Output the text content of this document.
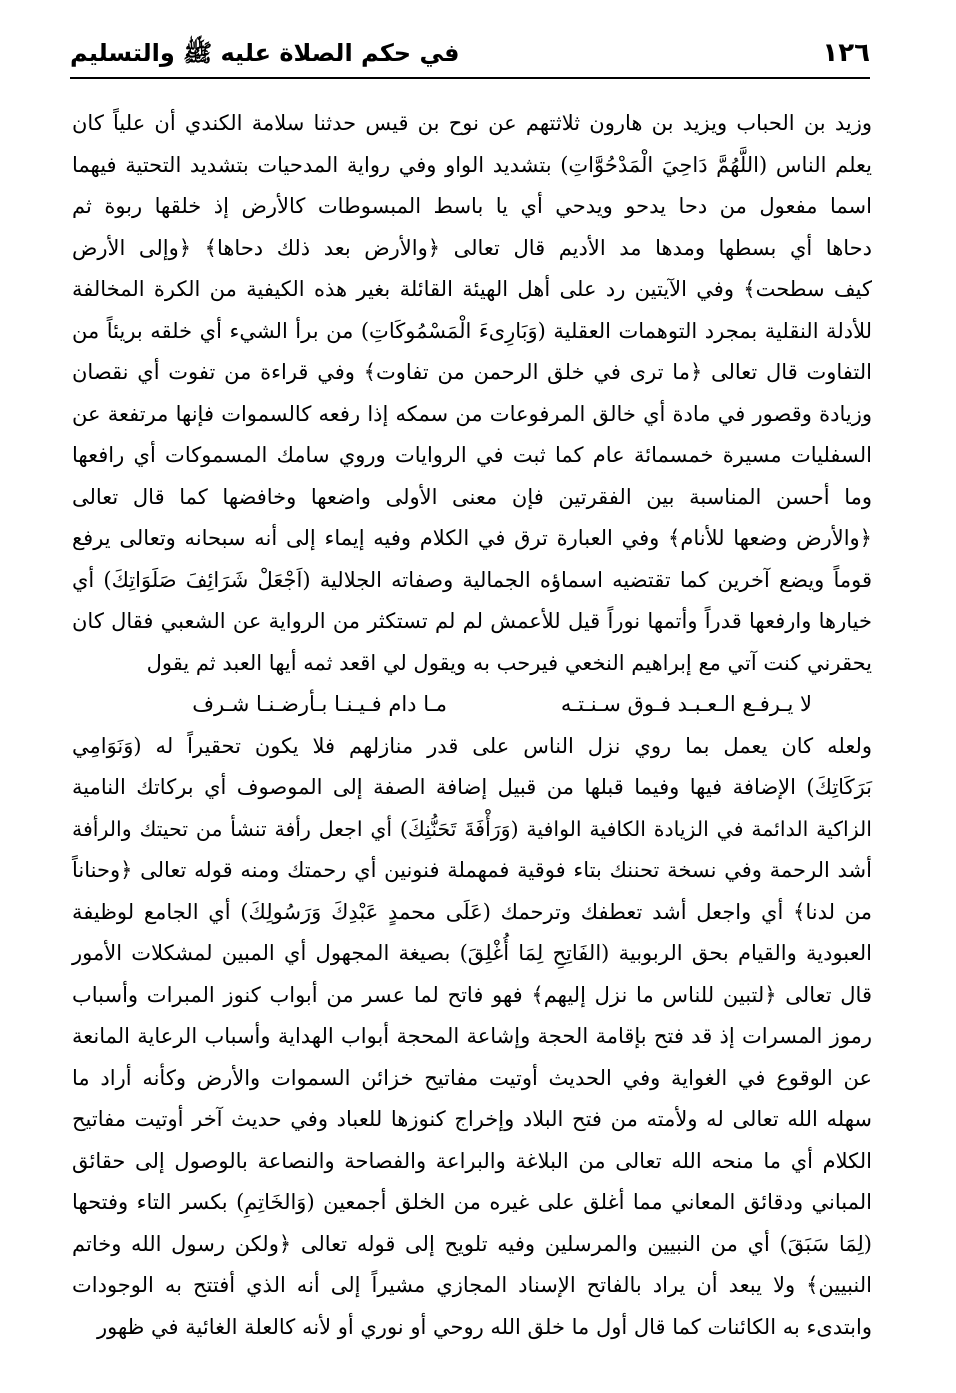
١٢٦
في حكم الصلاة عليه ﷺ والتسليم
وزيد بن الحباب ويزيد بن هارون ثلاثتهم عن نوح بن قيس حدثنا سلامة الكندي أن علياً كان
يعلم الناس (اللَّهُمَّ دَاحِيَ الْمَدْحُوَّاتِ) بتشديد الواو وفي رواية المدحيات بتشديد التحتية فيهما
اسما مفعول من دحا يدحو ويدحي أي يا باسط المبسوطات كالأرض إذ خلقها ربوة ثم
دحاها أي بسطها ومدها مد الأديم قال تعالى ﴿والأرض بعد ذلك دحاها﴾ ﴿وإلى الأرض
كيف سطحت﴾ وفي الآيتين رد على أهل الهيئة القائلة بغير هذه الكيفية من الكرة المخالفة
للأدلة النقلية بمجرد التوهمات العقلية (وَبَارِىءَ الْمَسْمُوكَاتِ) من برأ الشيء أي خلقه بريئاً من
التفاوت قال تعالى ﴿ما ترى في خلق الرحمن من تفاوت﴾ وفي قراءة من تفوت أي نقصان
وزيادة وقصور في مادة أي خالق المرفوعات من سمكه إذا رفعه كالسموات فإنها مرتفعة عن
السفليات مسيرة خمسمائة عام كما ثبت في الروايات وروي سامك المسموكات أي رافعها
وما أحسن المناسبة بين الفقرتين فإن معنى الأولى واضعها وخافضها كما قال تعالى
﴿والأرض وضعها للأنام﴾ وفي العبارة ترق في الكلام وفيه إيماء إلى أنه سبحانه وتعالى يرفع
قوماً ويضع آخرين كما تقتضيه اسماؤه الجمالية وصفاته الجلالية (اَجْعَلْ شَرَائِفَ صَلَوَاتِكَ) أي
خيارها وارفعها قدراً وأتمها نوراً قيل للأعمش لم لم تستكثر من الرواية عن الشعبي فقال كان
يحقرني كنت آتي مع إبراهيم النخعي فيرحب به ويقول لي اقعد ثمه أيها العبد ثم يقول
لا يـرفـع الـعـبـد فـوق سـنـتـه
مـا دام فـيـنـا بـأرضـنـا شـرف
ولعله كان يعمل بما روي نزل الناس على قدر منازلهم فلا يكون تحقيراً له (وَنَوَامِي
بَرَكَاتِكَ) الإضافة فيها وفيما قبلها من قبيل إضافة الصفة إلى الموصوف أي بركاتك النامية
الزاكية الدائمة في الزيادة الكافية الوافية (وَرَأْفَةَ تَحَنُّنِكَ) أي اجعل رأفة تنشأ من تحيتك والرأفة
أشد الرحمة وفي نسخة تحننك بتاء فوقية فمهملة فنونين أي رحمتك ومنه قوله تعالى ﴿وحناناً
من لدنا﴾ أي واجعل أشد تعطفك وترحمك (عَلَى محمدٍ عَبْدِكَ وَرَسُولِكَ) أي الجامع لوظيفة
العبودية والقيام بحق الربوبية (الفَاتِحِ لِمَا أُغْلِقَ) بصيغة المجهول أي المبين لمشكلات الأمور
قال تعالى ﴿لتبين للناس ما نزل إليهم﴾ فهو فاتح لما عسر من أبواب كنوز المبرات وأسباب
رموز المسرات إذ قد فتح بإقامة الحجة وإشاعة المحجة أبواب الهداية وأسباب الرعاية المانعة
عن الوقوع في الغواية وفي الحديث أوتيت مفاتيح خزائن السموات والأرض وكأنه أراد ما
سهله الله تعالى له ولأمته من فتح البلاد وإخراج كنوزها للعباد وفي حديث آخر أوتيت مفاتيح
الكلام أي ما منحه الله تعالى من البلاغة والبراعة والفصاحة والنصاعة بالوصول إلى حقائق
المباني ودقائق المعاني مما أغلق على غيره من الخلق أجمعين (وَالخَاتِمِ) بكسر التاء وفتحها
(لِمَا سَبَقَ) أي من النبيين والمرسلين وفيه تلويح إلى قوله تعالى ﴿ولكن رسول الله وخاتم
النبيين﴾ ولا يبعد أن يراد بالفاتح الإسناد المجازي مشيراً إلى أنه الذي أفتتح به الوجودات
وابتدىء به الكائنات كما قال أول ما خلق الله روحي أو نوري أو لأنه كالعلة الغائية في ظهور
